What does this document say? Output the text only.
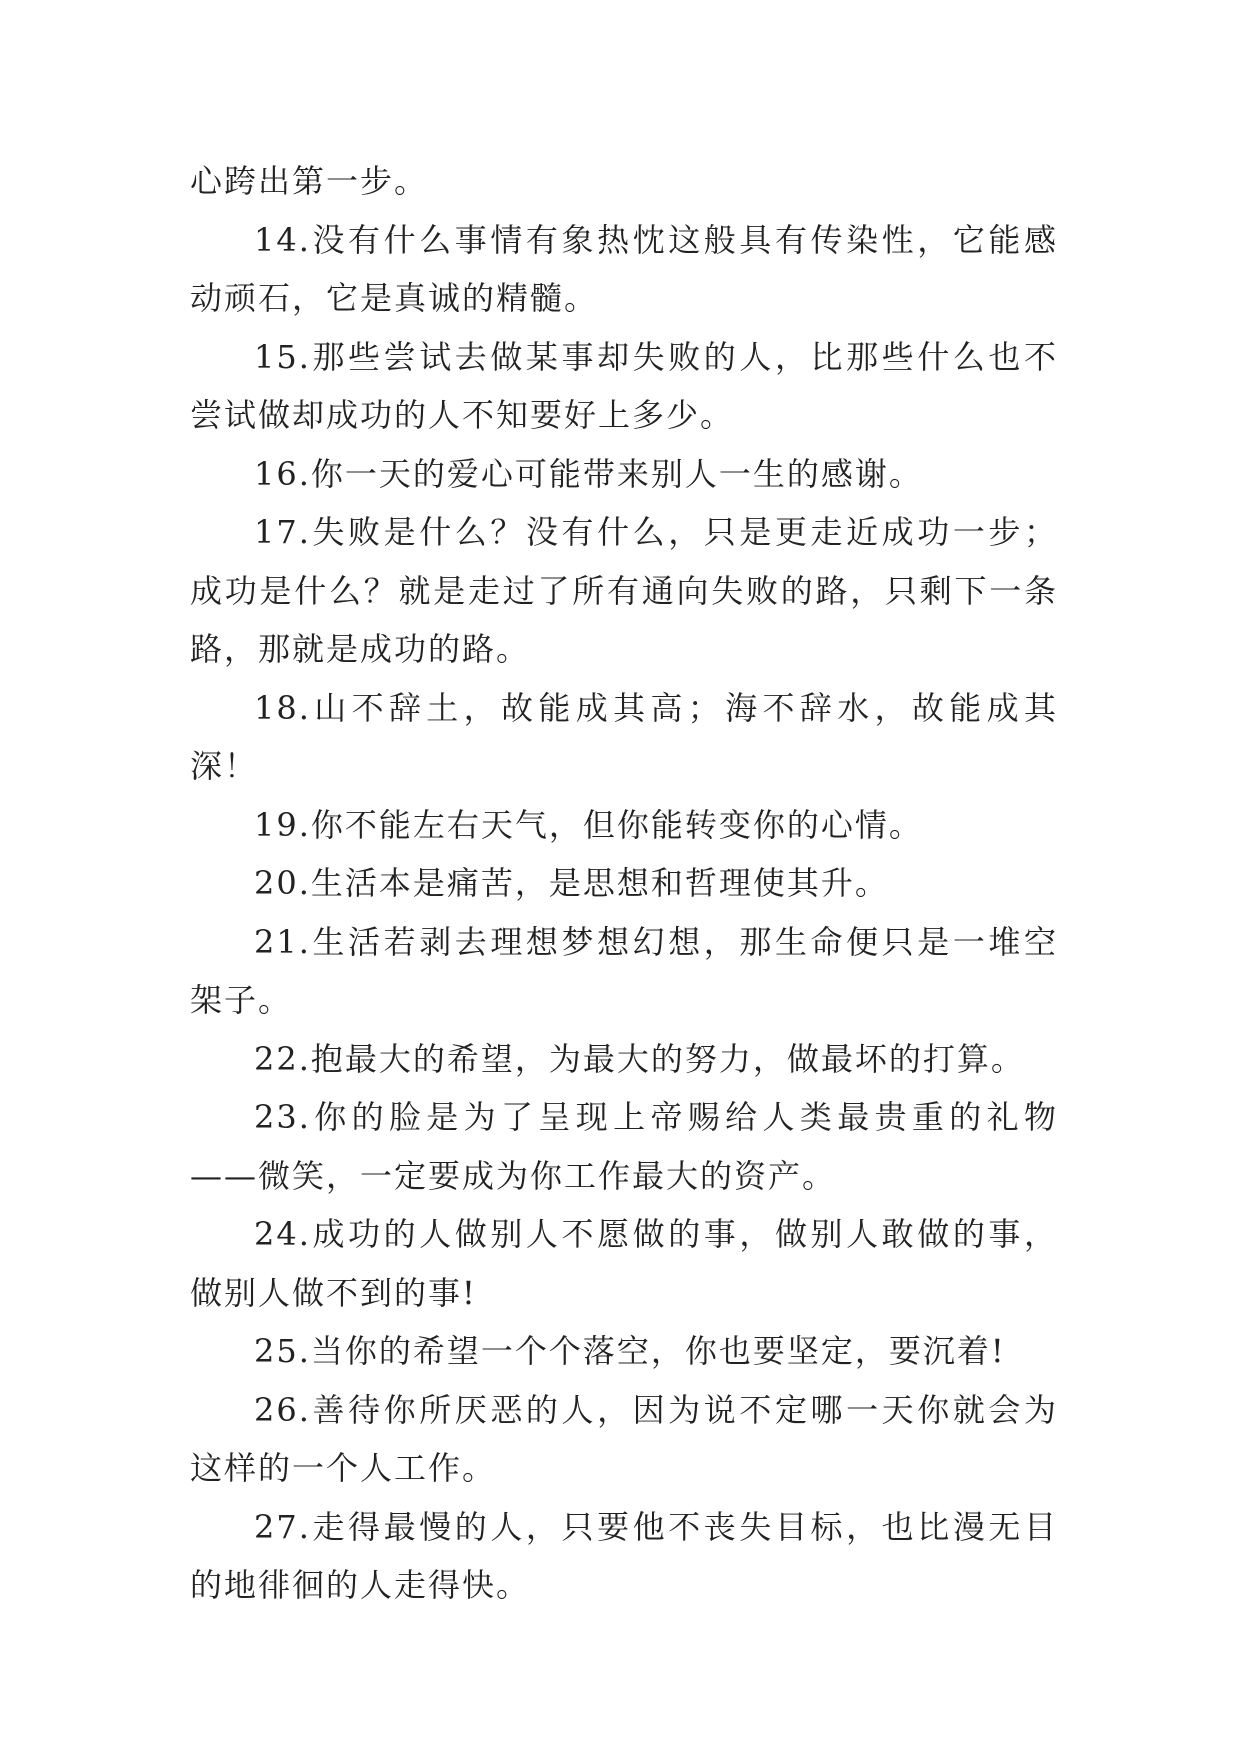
心跨出第一步。

14.没有什么事情有象热忱这般具有传染性，它能感动顽石，它是真诚的精髓。

15.那些尝试去做某事却失败的人，比那些什么也不尝试做却成功的人不知要好上多少。

16.你一天的爱心可能带来别人一生的感谢。

17.失败是什么？没有什么，只是更走近成功一步；成功是什么？就是走过了所有通向失败的路，只剩下一条路，那就是成功的路。

18.山不辞土，故能成其高；海不辞水，故能成其深！

19.你不能左右天气，但你能转变你的心情。

20.生活本是痛苦，是思想和哲理使其升。

21.生活若剥去理想梦想幻想，那生命便只是一堆空架子。

22.抱最大的希望，为最大的努力，做最坏的打算。

23.你的脸是为了呈现上帝赐给人类最贵重的礼物——微笑，一定要成为你工作最大的资产。

24.成功的人做别人不愿做的事，做别人敢做的事，做别人做不到的事!

25.当你的希望一个个落空，你也要坚定，要沉着!

26.善待你所厌恶的人，因为说不定哪一天你就会为这样的一个人工作。

27.走得最慢的人，只要他不丧失目标，也比漫无目的地徘徊的人走得快。
